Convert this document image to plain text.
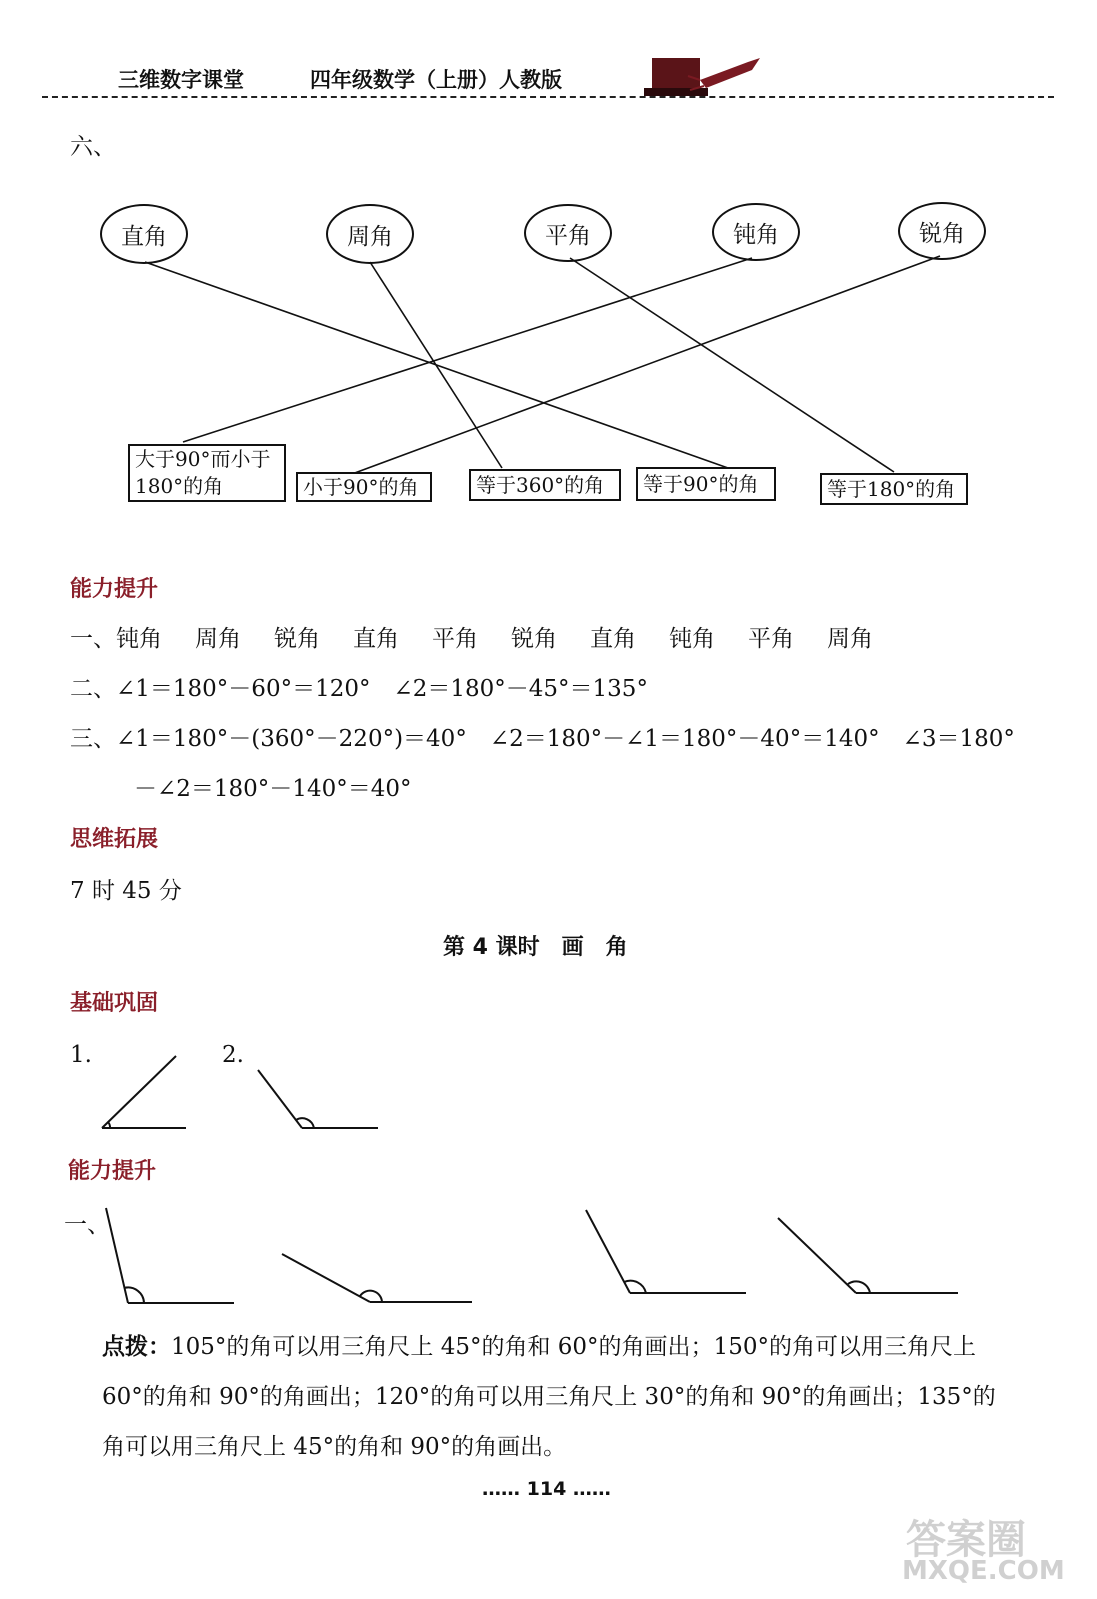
三维数字课堂	四年级数学（上册）人教版
六、
直角	周角	平角	钝角	锐角
大于90°而小于
180°的角	小于90°的角	等于360°的角	等于90°的角	等于180°的角
能力提升
一、钝角 周角 锐角 直角 平角 锐角 直角 钝角 平角 周角
二、∠1＝180°－60°＝120°　∠2＝180°－45°＝135°
三、∠1＝180°－(360°－220°)＝40°　∠2＝180°－∠1＝180°－40°＝140°　∠3＝180°
－∠2＝180°－140°＝40°
思维拓展
7 时 45 分
第 4 课时　画　角
基础巩固
1.	2.
能力提升
一、
点拨：105°的角可以用三角尺上 45°的角和 60°的角画出；150°的角可以用三角尺上
60°的角和 90°的角画出；120°的角可以用三角尺上 30°的角和 90°的角画出；135°的
角可以用三角尺上 45°的角和 90°的角画出。
…… 114 ……
答案圈
MXQE.COM
